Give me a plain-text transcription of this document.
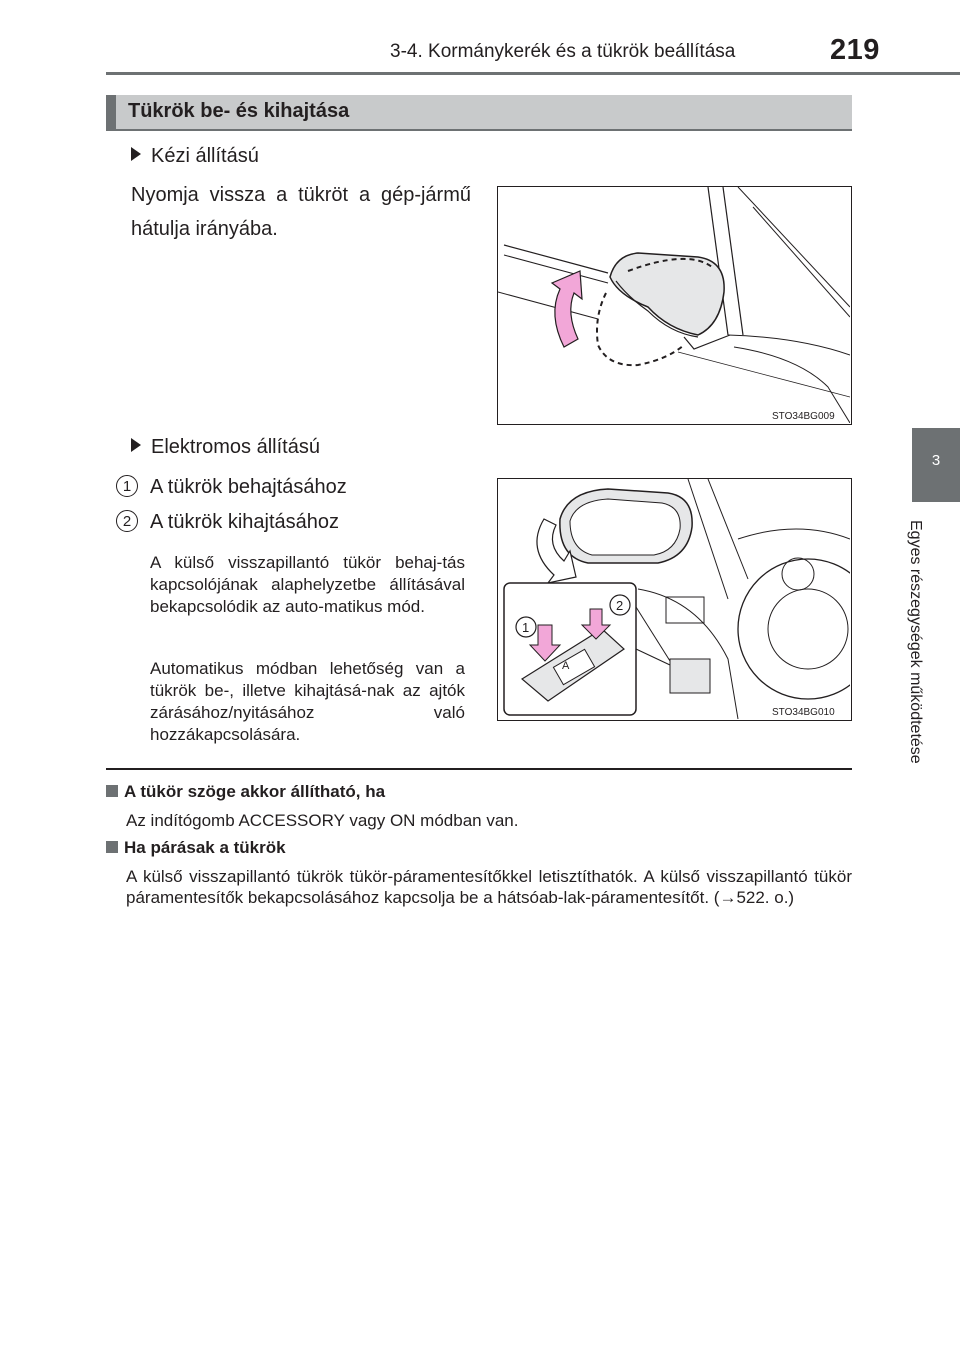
3-4. Kormánykerék és a tükrök beállítása	219
3
Egyes részegységek működtetése
Tükrök be- és kihajtása
Kézi állítású
Nyomja vissza a tükröt a gép-jármű hátulja irányába.
STO34BG009
Elektromos állítású
1 A tükrök behajtásához
2 A tükrök kihajtásához
A külső visszapillantó tükör behaj-tás kapcsolójának alaphelyzetbe állításával bekapcsolódik az auto-matikus mód.
Automatikus módban lehetőség van a tükrök be-, illetve kihajtásá-nak az ajtók zárásához/nyitásához való hozzákapcsolására.
A
1
2
STO34BG010
A tükör szöge akkor állítható, ha
Az indítógomb ACCESSORY vagy ON módban van.
Ha párásak a tükrök
A külső visszapillantó tükrök tükör-páramentesítőkkel letisztíthatók. A külső visszapillantó tükör páramentesítők bekapcsolásához kapcsolja be a hátsóab-lak-páramentesítőt. (→522. o.)
